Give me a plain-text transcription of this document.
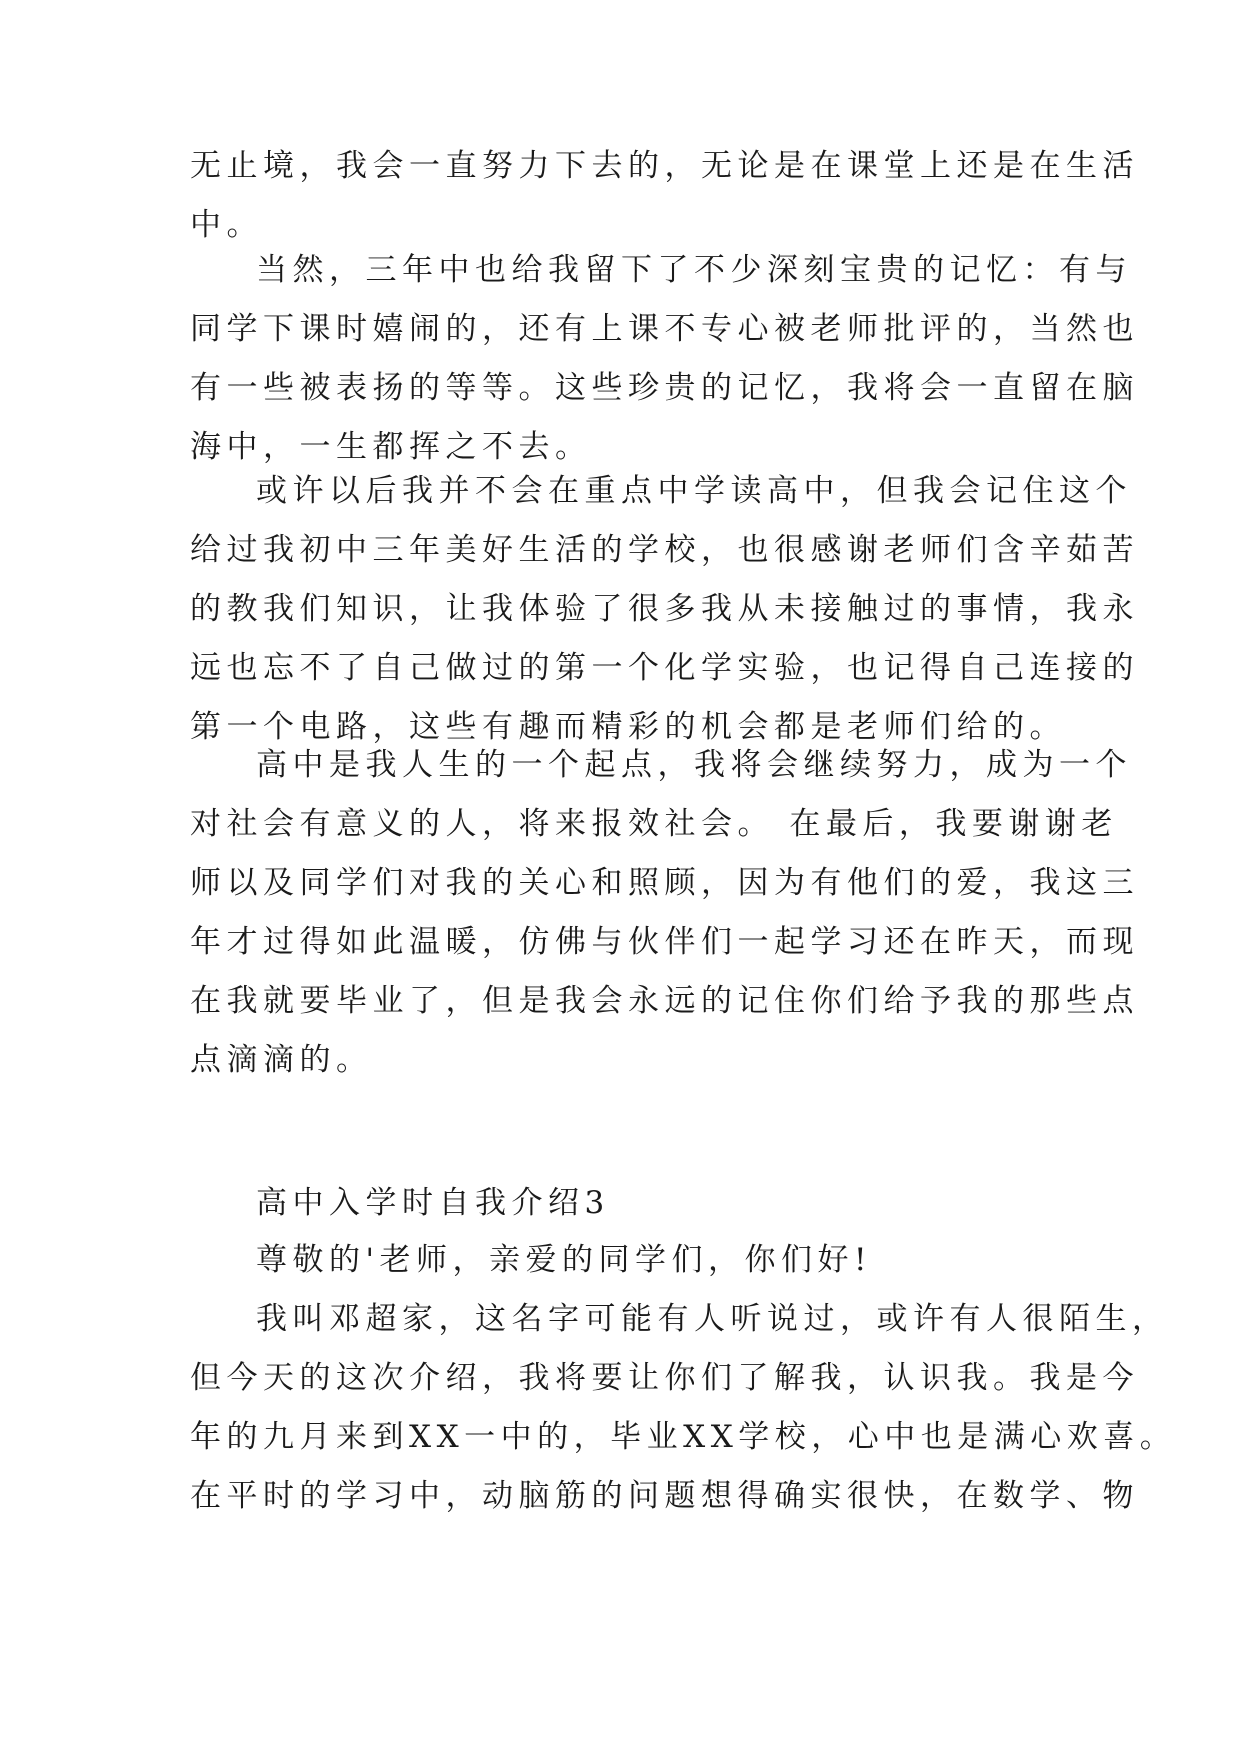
无止境，我会一直努力下去的，无论是在课堂上还是在生活
中。
当然，三年中也给我留下了不少深刻宝贵的记忆：有与
同学下课时嬉闹的，还有上课不专心被老师批评的，当然也
有一些被表扬的等等。这些珍贵的记忆，我将会一直留在脑
海中，一生都挥之不去。
或许以后我并不会在重点中学读高中，但我会记住这个
给过我初中三年美好生活的学校，也很感谢老师们含辛茹苦
的教我们知识，让我体验了很多我从未接触过的事情，我永
远也忘不了自己做过的第一个化学实验，也记得自己连接的
第一个电路，这些有趣而精彩的机会都是老师们给的。
高中是我人生的一个起点，我将会继续努力，成为一个
对社会有意义的人，将来报效社会。 在最后，我要谢谢老
师以及同学们对我的关心和照顾，因为有他们的爱，我这三
年才过得如此温暖，仿佛与伙伴们一起学习还在昨天，而现
在我就要毕业了，但是我会永远的记住你们给予我的那些点
点滴滴的。
高中入学时自我介绍3
尊敬的'老师，亲爱的同学们，你们好!
我叫邓超家，这名字可能有人听说过，或许有人很陌生，
但今天的这次介绍，我将要让你们了解我，认识我。我是今
年的九月来到XX一中的，毕业XX学校，心中也是满心欢喜。
在平时的学习中，动脑筋的问题想得确实很快，在数学、物
